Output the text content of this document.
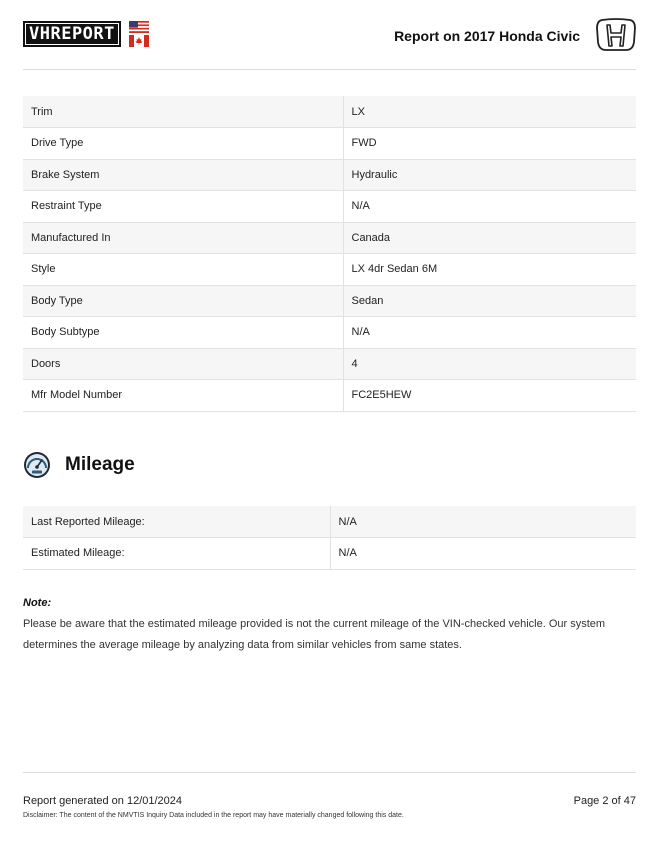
VHREPORT	Report on 2017 Honda Civic
Trim	LX
Drive Type	FWD
Brake System	Hydraulic
Restraint Type	N/A
Manufactured In	Canada
Style	LX 4dr Sedan 6M
Body Type	Sedan
Body Subtype	N/A
Doors	4
Mfr Model Number	FC2E5HEW
Mileage
Last Reported Mileage:	N/A
Estimated Mileage:	N/A
Note:
Please be aware that the estimated mileage provided is not the current mileage of the VIN-checked vehicle. Our system determines the average mileage by analyzing data from similar vehicles from same states.
Report generated on 12/01/2024	Page 2 of 47
Disclaimer: The content of the NMVTIS Inquiry Data included in the report may have materially changed following this date.
